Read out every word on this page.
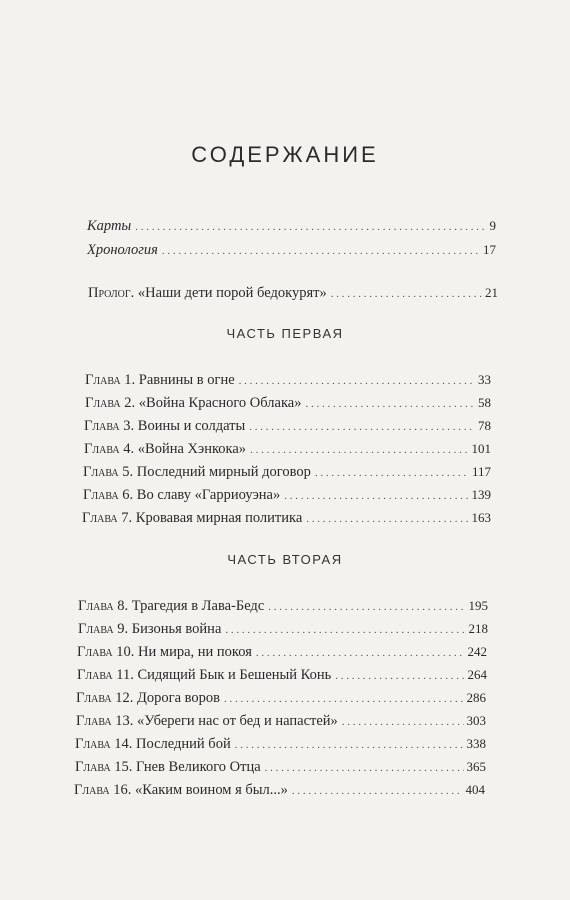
СОДЕРЖАНИЕ
Карты . . .	9
Хронология . . .	17
Пролог. «Наши дети порой бедокурят» . . .	21
ЧАСТЬ ПЕРВАЯ
Глава 1. Равнины в огне . . .	33
Глава 2. «Война Красного Облака» . . .	58
Глава 3. Воины и солдаты . . .	78
Глава 4. «Война Хэнкока» . . .	101
Глава 5. Последний мирный договор . . .	117
Глава 6. Во славу «Гарриоуэна» . . .	139
Глава 7. Кровавая мирная политика . . .	163
ЧАСТЬ ВТОРАЯ
Глава 8. Трагедия в Лава-Бедс . . .	195
Глава 9. Бизонья война . . .	218
Глава 10. Ни мира, ни покоя . . .	242
Глава 11. Сидящий Бык и Бешеный Конь . . .	264
Глава 12. Дорога воров . . .	286
Глава 13. «Убереги нас от бед и напастей» . . .	303
Глава 14. Последний бой . . .	338
Глава 15. Гнев Великого Отца . . .	365
Глава 16. «Каким воином я был...» . . .	404
